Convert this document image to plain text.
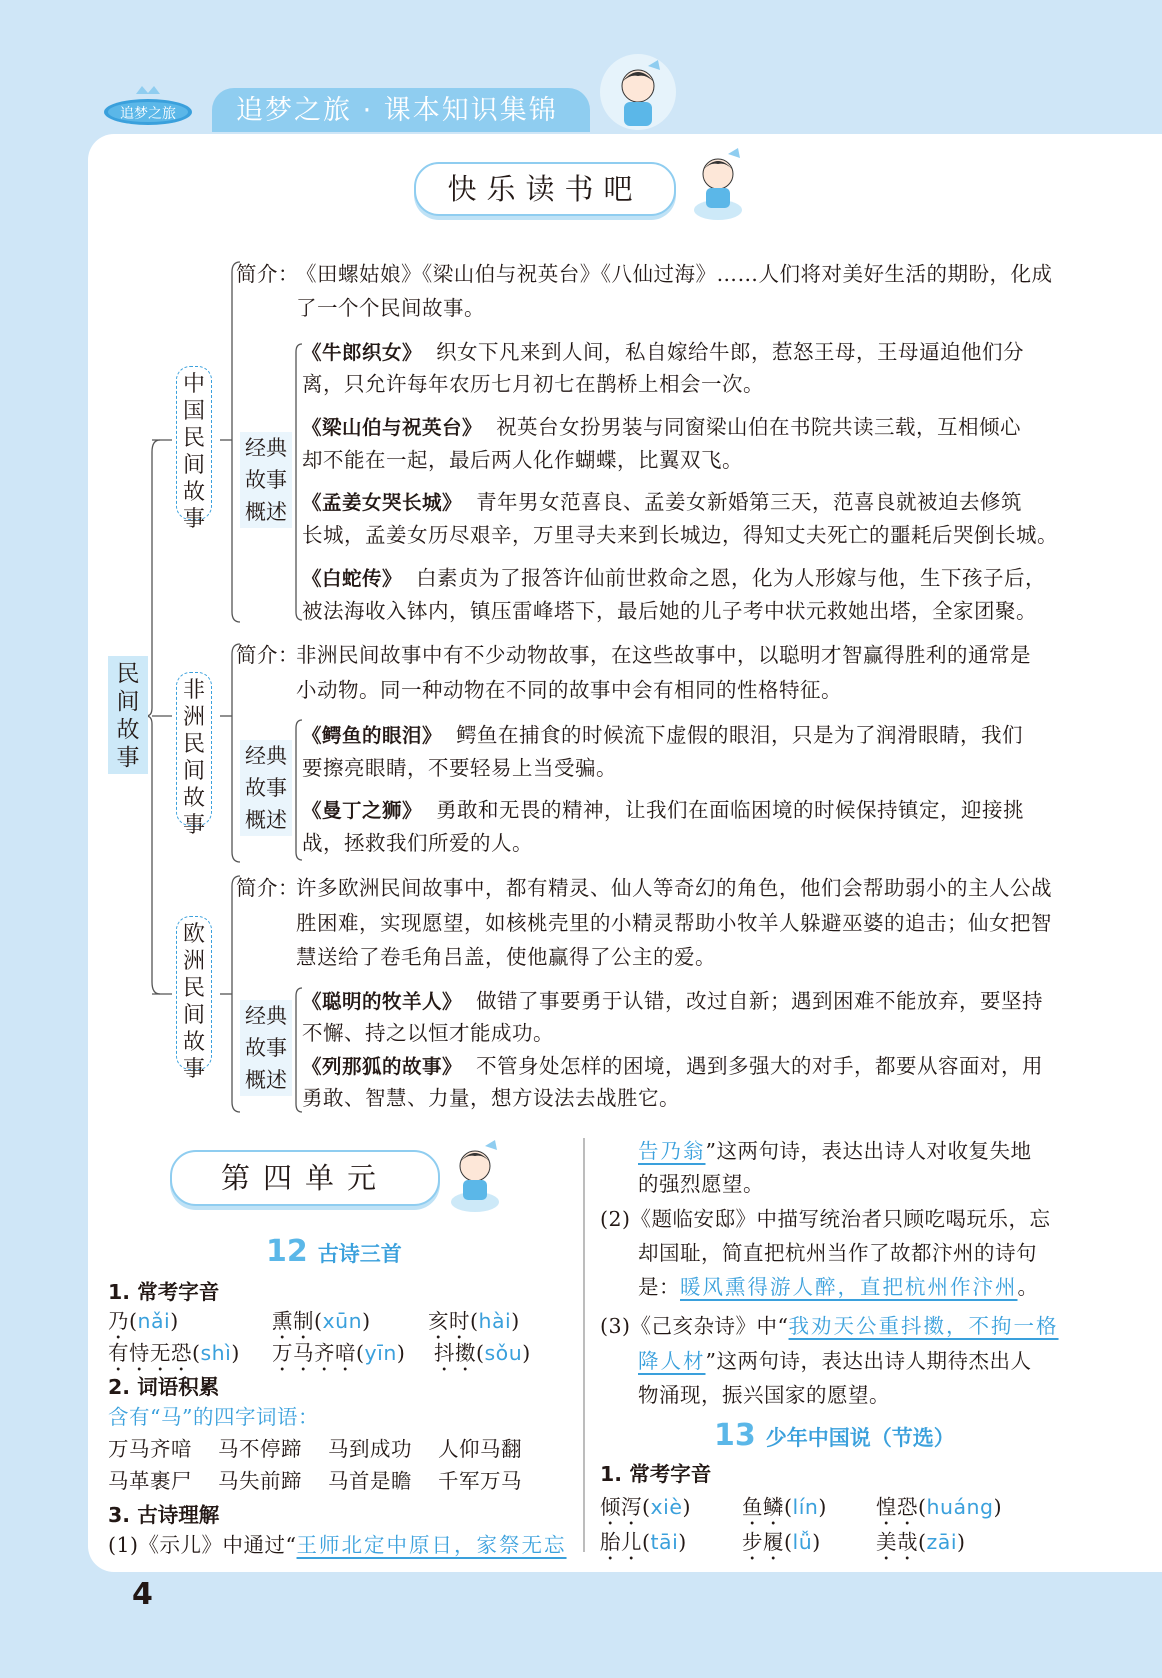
追梦之旅	追梦之旅 · 课本知识集锦
快乐读书吧
民间故事
中
国
民
间
故
事
简介：
《田螺姑娘》《梁山伯与祝英台》《八仙过海》……人们将对美好生活的期盼，化成
了一个个民间故事。
经典
故事
概述
《牛郎织女》 织女下凡来到人间，私自嫁给牛郎，惹怒王母，王母逼迫他们分
离，只允许每年农历七月初七在鹊桥上相会一次。
《梁山伯与祝英台》 祝英台女扮男装与同窗梁山伯在书院共读三载，互相倾心
却不能在一起，最后两人化作蝴蝶，比翼双飞。
《孟姜女哭长城》 青年男女范喜良、孟姜女新婚第三天，范喜良就被迫去修筑
长城，孟姜女历尽艰辛，万里寻夫来到长城边，得知丈夫死亡的噩耗后哭倒长城。
《白蛇传》 白素贞为了报答许仙前世救命之恩，化为人形嫁与他，生下孩子后，
被法海收入钵内，镇压雷峰塔下，最后她的儿子考中状元救她出塔，全家团聚。
非
洲
民
间
故
事
简介：
非洲民间故事中有不少动物故事，在这些故事中，以聪明才智赢得胜利的通常是
小动物。同一种动物在不同的故事中会有相同的性格特征。
经典
故事
概述
《鳄鱼的眼泪》 鳄鱼在捕食的时候流下虚假的眼泪，只是为了润滑眼睛，我们
要擦亮眼睛，不要轻易上当受骗。
《曼丁之狮》 勇敢和无畏的精神，让我们在面临困境的时候保持镇定，迎接挑
战，拯救我们所爱的人。
欧
洲
民
间
故
事
简介：
许多欧洲民间故事中，都有精灵、仙人等奇幻的角色，他们会帮助弱小的主人公战
胜困难，实现愿望，如核桃壳里的小精灵帮助小牧羊人躲避巫婆的追击；仙女把智
慧送给了卷毛角吕盖，使他赢得了公主的爱。
经典
故事
概述
《聪明的牧羊人》 做错了事要勇于认错，改过自新；遇到困难不能放弃，要坚持
不懈、持之以恒才能成功。
《列那狐的故事》 不管身处怎样的困境，遇到多强大的对手，都要从容面对，用
勇敢、智慧、力量，想方设法去战胜它。
第四单元
12 古诗三首
1. 常考字音
乃(nǎi)	熏制(xūn)	亥时(hài)
有恃无恐(shì) 万马齐喑(yīn) 抖擞(sǒu)
2. 词语积累
含有“马”的四字词语：
万马齐喑 马不停蹄 马到成功 人仰马翻
马革裹尸 马失前蹄 马首是瞻 千军万马
3. 古诗理解
(1)《示儿》中通过“王师北定中原日，家祭无忘
告乃翁”这两句诗，表达出诗人对收复失地
的强烈愿望。
(2)《题临安邸》中描写统治者只顾吃喝玩乐，忘
却国耻，简直把杭州当作了故都汴州的诗句
是：暖风熏得游人醉，直把杭州作汴州。
(3)《己亥杂诗》中“我劝天公重抖擞，不拘一格
降人材”这两句诗，表达出诗人期待杰出人
物涌现，振兴国家的愿望。
13 少年中国说（节选）
1. 常考字音
倾泻(xiè) 鱼鳞(lín) 惶恐(huáng)
胎儿(tāi)	步履(lǚ)	美哉(zāi)
4
